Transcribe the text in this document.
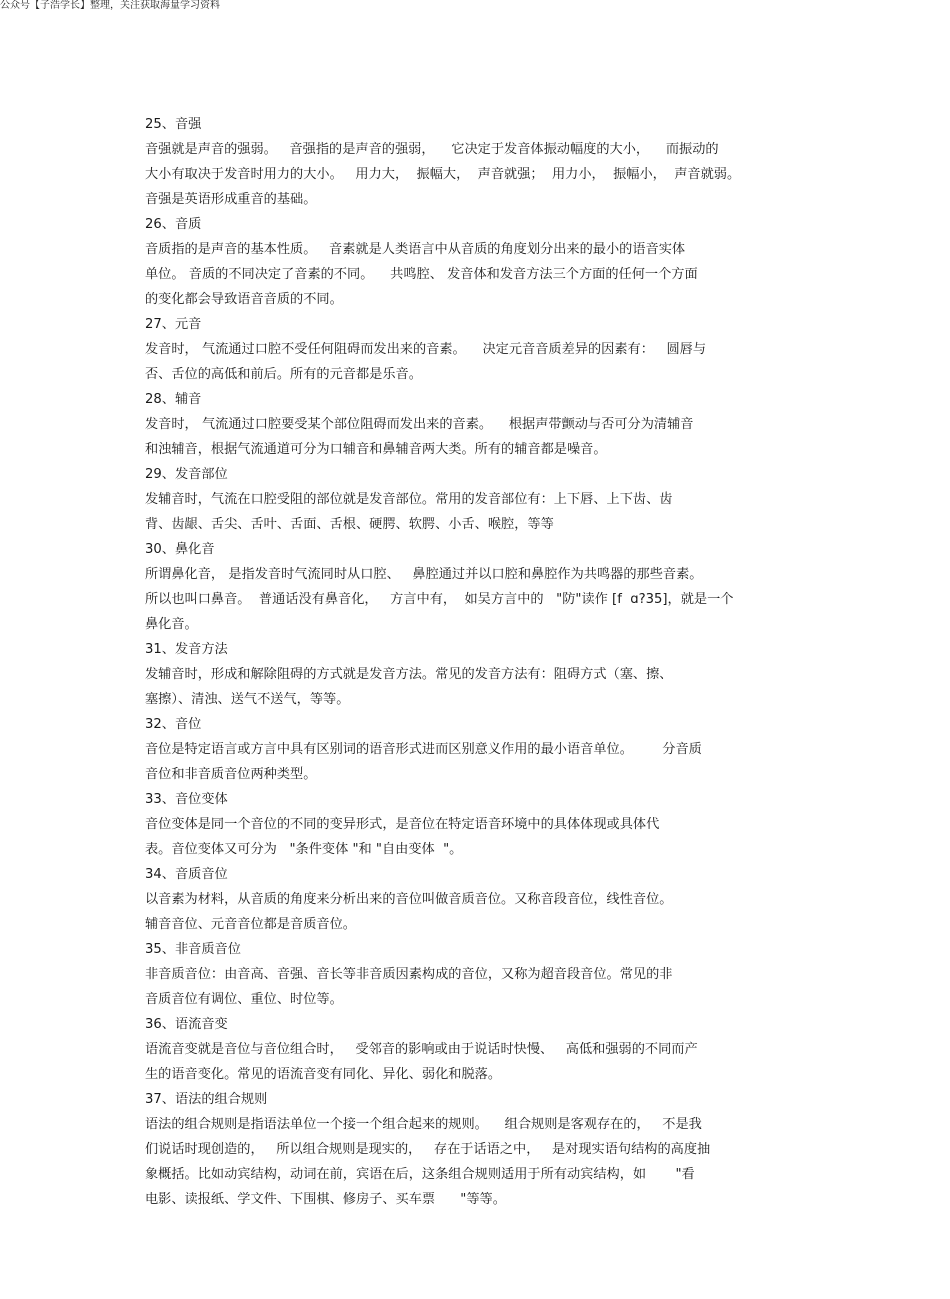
公众号【子浩学长】整理，关注获取海量学习资料
25、音强
音强就是声音的强弱。   音强指的是声音的强弱，    它决定于发音体振动幅度的大小，    而振动的
大小有取决于发音时用力的大小。   用力大，  振幅大，  声音就强；  用力小，  振幅小，  声音就弱。
音强是英语形成重音的基础。
26、音质
音质指的是声音的基本性质。   音素就是人类语言中从音质的角度划分出来的最小的语音实体
单位。 音质的不同决定了音素的不同。    共鸣腔、 发音体和发音方法三个方面的任何一个方面
的变化都会导致语音音质的不同。
27、元音
发音时， 气流通过口腔不受任何阻碍而发出来的音素。    决定元音音质差异的因素有：   圆唇与
否、舌位的高低和前后。所有的元音都是乐音。
28、辅音
发音时， 气流通过口腔要受某个部位阻碍而发出来的音素。    根据声带颤动与否可分为清辅音
和浊辅音，根据气流通道可分为口辅音和鼻辅音两大类。所有的辅音都是噪音。
29、发音部位
发辅音时，气流在口腔受阻的部位就是发音部位。常用的发音部位有：上下唇、上下齿、齿
背、齿龈、舌尖、舌叶、舌面、舌根、硬腭、软腭、小舌、喉腔，等等
30、鼻化音
所谓鼻化音， 是指发音时气流同时从口腔、   鼻腔通过并以口腔和鼻腔作为共鸣器的那些音素。
所以也叫口鼻音。  普通话没有鼻音化，   方言中有，  如吴方言中的   "防"读作 [f  ɑ?35]，就是一个
鼻化音。
31、发音方法
发辅音时，形成和解除阻碍的方式就是发音方法。常见的发音方法有：阻碍方式（塞、擦、
塞擦）、清浊、送气不送气，等等。
32、音位
音位是特定语言或方言中具有区别词的语音形式进而区别意义作用的最小语音单位。       分音质
音位和非音质音位两种类型。
33、音位变体
音位变体是同一个音位的不同的变异形式，是音位在特定语音环境中的具体体现或具体代
表。音位变体又可分为   "条件变体 "和 "自由变体  "。
34、音质音位
以音素为材料，从音质的角度来分析出来的音位叫做音质音位。又称音段音位，线性音位。
辅音音位、元音音位都是音质音位。
35、非音质音位
非音质音位：由音高、音强、音长等非音质因素构成的音位，又称为超音段音位。常见的非
音质音位有调位、重位、时位等。
36、语流音变
语流音变就是音位与音位组合时，   受邻音的影响或由于说话时快慢、   高低和强弱的不同而产
生的语音变化。常见的语流音变有同化、异化、弱化和脱落。
37、语法的组合规则
语法的组合规则是指语法单位一个接一个组合起来的规则。    组合规则是客观存在的，   不是我
们说话时现创造的，   所以组合规则是现实的，   存在于话语之中，   是对现实语句结构的高度抽
象概括。比如动宾结构，动词在前，宾语在后，这条组合规则适用于所有动宾结构，如       "看
电影、读报纸、学文件、下围棋、修房子、买车票      "等等。
